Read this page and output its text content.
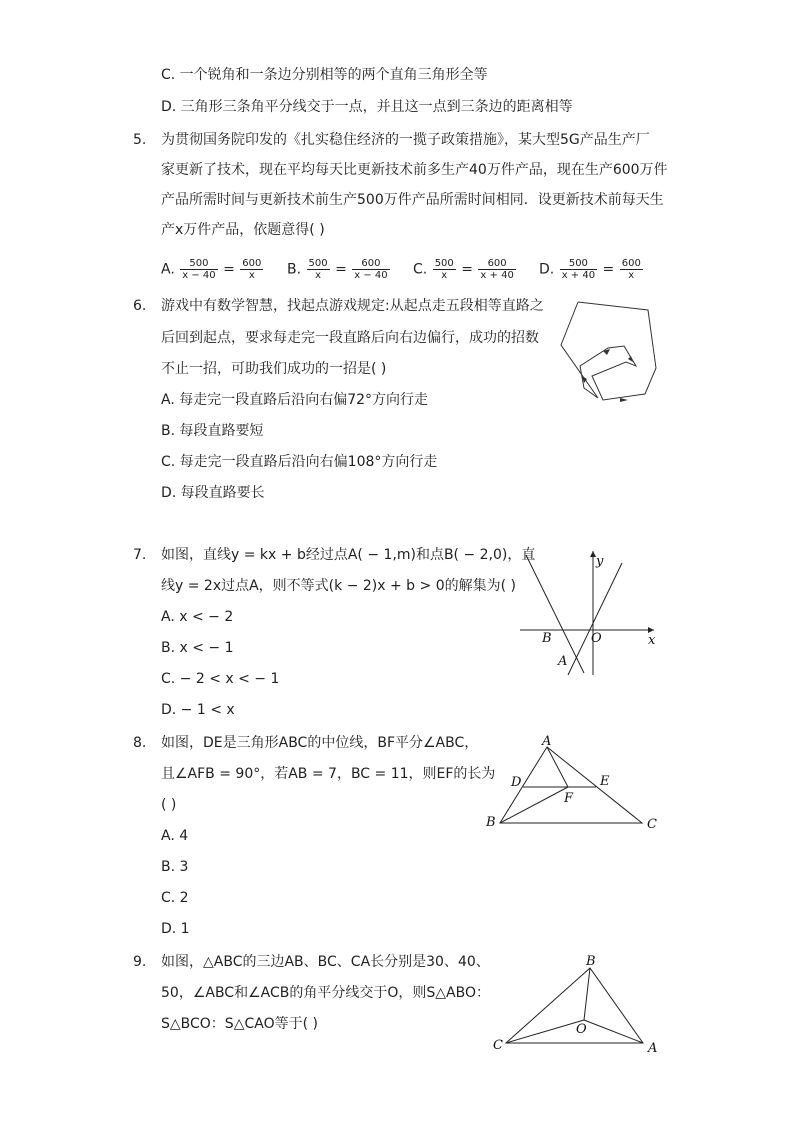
C. 一个锐角和一条边分别相等的两个直角三角形全等
D. 三角形三条角平分线交于一点，并且这一点到三条边的距离相等
5. 为贯彻国务院印发的《扎实稳住经济的一揽子政策措施》，某大型5G产品生产厂
家更新了技术，现在平均每天比更新技术前多生产40万件产品，现在生产600万件
产品所需时间与更新技术前生产500万件产品所需时间相同．设更新技术前每天生
产x万件产品，依题意得( )
A. $\frac{500}{x - 40} = \frac{600}{x} B$. $\frac{500}{x} = \frac{600}{x - 40} C$. $\frac{500}{x} = \frac{600}{x + 40} D$. $\frac{500}{x + 40} = \frac{600}{x}$
6. 游戏中有数学智慧，找起点游戏规定:从起点走五段相等直路之
后回到起点，要求每走完一段直路后向右边偏行，成功的招数
不止一招，可助我们成功的一招是( )
A. 每走完一段直路后沿向右偏72°方向行走
B. 每段直路要短
C. 每走完一段直路后沿向右偏108°方向行走
D. 每段直路要长
7. 如图，直线y = kx + b经过点A( − 1,m)和点B( − 2,0)，直
线y = 2x过点A，则不等式(k − 2)x + b > 0的解集为( )
A. x < − 2
B. x < − 1
C. − 2 < x < − 1
D. − 1 < x
y
x
O
B
A
8. 如图，DE是三角形ABC的中位线，BF平分∠ABC，
且∠AFB = 90°，若AB = 7，BC = 11，则EF的长为
( )
A. 4
B. 3
C. 2
D. 1
A
D	E
F
B	C
9. 如图，△ABC的三边AB、BC、CA长分别是30、40、
50，∠ABC和∠ACB的角平分线交于O，则S△ABO：
S△BCO：S△CAO等于( )
B
C	A
O
